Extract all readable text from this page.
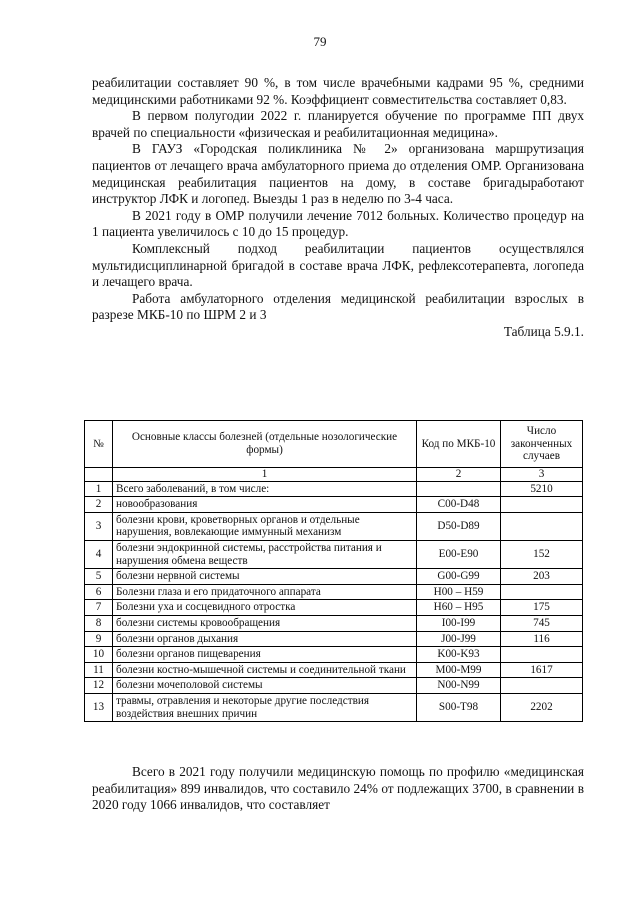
79

реабилитации составляет 90 %, в том числе врачебными кадрами 95 %, средними медицинскими работниками 92 %. Коэффициент совместительства составляет 0,83.

В первом полугодии 2022 г. планируется обучение по программе ПП двух врачей по специальности «физическая и реабилитационная медицина».

В ГАУЗ «Городская поликлиника № 2» организована маршрутизация пациентов от лечащего врача амбулаторного приема до отделения ОМР. Организована медицинская реабилитация пациентов на дому, в составе бригадыработают инструктор ЛФК и логопед. Выезды 1 раз в неделю по 3-4 часа.

В 2021 году в ОМР получили лечение 7012 больных. Количество процедур на 1 пациента увеличилось с 10 до 15 процедур.

Комплексный подход реабилитации пациентов осуществлялся мультидисциплинарной бригадой в составе врача ЛФК, рефлексотерапевта, логопеда и лечащего врача.

Работа амбулаторного отделения медицинской реабилитации взрослых в разрезе МКБ-10 по ШРМ 2 и 3

Таблица 5.9.1.

№	Основные классы болезней (отдельные нозологические формы)	Код по МКБ-10	Число законченных случаев
	1	2	3
1	Всего заболеваний, в том числе:		5210
2	новообразования	C00-D48	
3	болезни крови, кроветворных органов и отдельные нарушения, вовлекающие иммунный механизм	D50-D89	
4	болезни эндокринной системы, расстройства питания и нарушения обмена веществ	E00-E90	152
5	болезни нервной системы	G00-G99	203
6	Болезни глаза и его придаточного аппарата	H00 – H59	
7	Болезни уха и сосцевидного отростка	H60 – H95	175
8	болезни системы кровообращения	I00-I99	745
9	болезни органов дыхания	J00-J99	116
10	болезни органов пищеварения	K00-K93	
11	болезни костно-мышечной системы и соединительной ткани	M00-M99	1617
12	болезни мочеполовой системы	N00-N99	
13	травмы, отравления и некоторые другие последствия воздействия внешних причин	S00-T98	2202

Всего в 2021 году получили медицинскую помощь по профилю «медицинская реабилитация» 899 инвалидов, что составило 24% от подлежащих 3700, в сравнении в 2020 году 1066 инвалидов, что составляет
